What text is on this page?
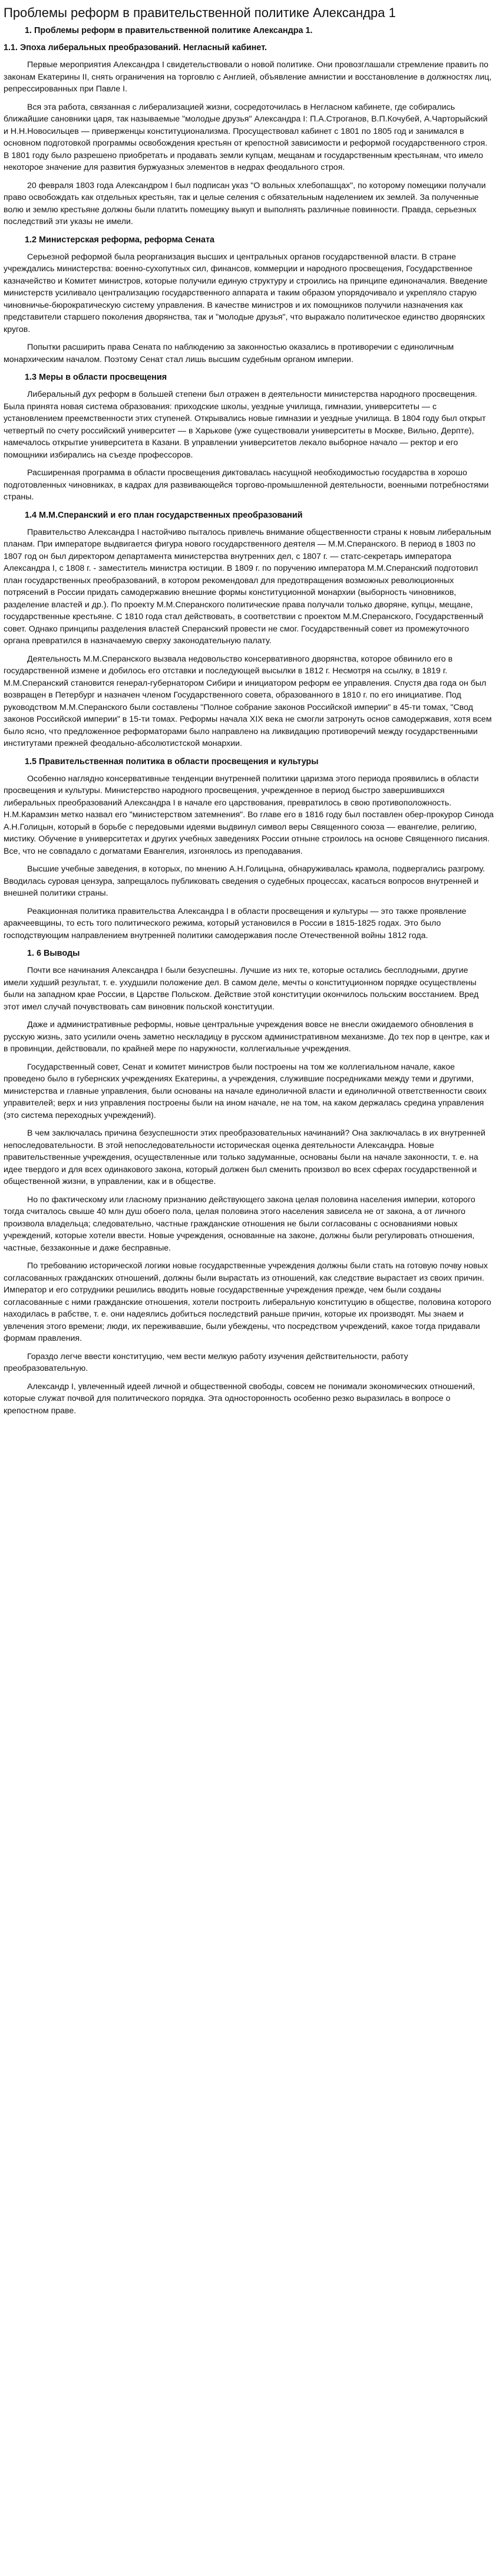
Проблемы реформ в правительственной политике Александра 1
1. Проблемы реформ в правительственной политике Александра 1.
1.1. Эпоха либеральных преобразований. Негласный кабинет.

Первые мероприятия Александра I свидетельствовали о новой политике. Они провозглашали стремление править по законам Екатерины II, снять ограничения на торговлю с Англией, объявление амнистии и восстановление в должностях лиц, репрессированных при Павле I.

Вся эта работа, связанная с либерализацией жизни, сосредоточилась в Негласном кабинете, где собирались ближайшие сановники царя, так называемые "молодые друзья" Александра I: П.А.Строганов, В.П.Кочубей, А.Чарторыйский и Н.Н.Новосильцев — приверженцы конституционализма. Просуществовал кабинет с 1801 по 1805 год и занимался в основном подготовкой программы освобождения крестьян от крепостной зависимости и реформой государственного строя. В 1801 году было разрешено приобретать и продавать земли купцам, мещанам и государственным крестьянам, что имело некоторое значение для развития буржуазных элементов в недрах феодального строя.

20 февраля 1803 года Александром I был подписан указ "О вольных хлебопашцах", по которому помещики получали право освобождать как отдельных крестьян, так и целые селения с обязательным наделением их землей. За полученные волю и землю крестьяне должны были платить помещику выкуп и выполнять различные повинности. Правда, серьезных последствий эти указы не имели.

1.2 Министерская реформа, реформа Сената

Серьезной реформой была реорганизация высших и центральных органов государственной власти. В стране учреждались министерства: военно-сухопутных сил, финансов, коммерции и народного просвещения, Государственное казначейство и Комитет министров, которые получили единую структуру и строились на принципе единоначалия. Введение министерств усиливало централизацию государственного аппарата и таким образом упорядочивало и укрепляло старую чиновничье-бюрократическую систему управления. В качестве министров и их помощников получили назначения как представители старшего поколения дворянства, так и "молодые друзья", что выражало политическое единство дворянских кругов.

Попытки расширить права Сената по наблюдению за законностью оказались в противоречии с единоличным монархическим началом. Поэтому Сенат стал лишь высшим судебным органом империи.

1.3 Меры в области просвещения

Либеральный дух реформ в большей степени был отражен в деятельности министерства народного просвещения. Была принята новая система образования: приходские школы, уездные училища, гимназии, университеты — с установлением преемственности этих ступеней. Открывались новые гимназии и уездные училища. В 1804 году был открыт четвертый по счету российский университет — в Харькове (уже существовали университеты в Москве, Вильно, Дерпте), намечалось открытие университета в Казани. В управлении университетов лекало выборное начало — ректор и его помощники избирались на съезде профессоров.

Расширенная программа в области просвещения диктовалась насущной необходимостью государства в хорошо подготовленных чиновниках, в кадрах для развивающейся торгово-промышленной деятельности, военными потребностями страны.

1.4 М.М.Сперанский и его план государственных преобразований

Правительство Александра I настойчиво пыталось привлечь внимание общественности страны к новым либеральным планам. При императоре выдвигается фигура нового государственного деятеля — М.М.Сперанского. В период в 1803 по 1807 год он был директором департамента министерства внутренних дел, с 1807 г. — статс-секретарь императора Александра I, с 1808 г. - заместитель министра юстиции. В 1809 г. по поручению императора М.М.Сперанский подготовил план государственных преобразований, в котором рекомендовал для предотвращения возможных революционных потрясений в России придать самодержавию внешние формы конституционной монархии (выборность чиновников, разделение властей и др.). По проекту М.М.Сперанского политические права получали только дворяне, купцы, мещане, государственные крестьяне. С 1810 года стал действовать, в соответствии с проектом М.М.Сперанского, Государственный совет. Однако принципы разделения властей Сперанский провести не смог. Государственный совет из промежуточного органа превратился в назначаемую сверху законодательную палату.

Деятельность М.М.Сперанского вызвала недовольство консервативного дворянства, которое обвинило его в государственной измене и добилось его отставки и последующей высылки в 1812 г. Несмотря на ссылку, в 1819 г. М.М.Сперанский становится генерал-губернатором Сибири и инициатором реформ ее управления. Спустя два года он был возвращен в Петербург и назначен членом Государственного совета, образованного в 1810 г. по его инициативе. Под руководством М.М.Сперанского были составлены "Полное собрание законов Российской империи" в 45-ти томах, "Свод законов Российской империи" в 15-ти томах. Реформы начала XIX века не смогли затронуть основ самодержавия, хотя всем было ясно, что предложенное реформаторами было направлено на ликвидацию противоречий между государственными институтами прежней феодально-абсолютистской монархии.

1.5 Правительственная политика в области просвещения и культуры

Особенно наглядно консервативные тенденции внутренней политики царизма этого периода проявились в области просвещения и культуры. Министерство народного просвещения, учрежденное в период быстро завершившихся либеральных преобразований Александра I в начале его царствования, превратилось в свою противоположность. Н.М.Карамзин метко назвал его "министерством затемнения". Во главе его в 1816 году был поставлен обер-прокурор Синода А.Н.Голицын, который в борьбе с передовыми идеями выдвинул символ веры Священного союза — евангелие, религию, мистику. Обучение в университетах и других учебных заведениях России отныне строилось на основе Священного писания. Все, что не совпадало с догматами Евангелия, изгонялось из преподавания.

Высшие учебные заведения, в которых, по мнению А.Н.Голицына, обнаруживалась крамола, подвергались разгрому. Вводилась суровая цензура, запрещалось публиковать сведения о судебных процессах, касаться вопросов внутренней и внешней политики страны.

Реакционная политика правительства Александра I в области просвещения и культуры — это также проявление аракчеевщины, то есть того политического режима, который установился в России в 1815-1825 годах. Это было господствующим направлением внутренней политики самодержавия после Отечественной войны 1812 года.

1. 6 Выводы

Почти все начинания Александра I были безуспешны. Лучшие из них те, которые остались бесплодными, другие имели худший результат, т. е. ухудшили положение дел. В самом деле, мечты о конституционном порядке осуществлены были на западном крае России, в Царстве Польском. Действие этой конституции окончилось польским восстанием. Вред этот имел случай почувствовать сам виновник польской конституции.

Даже и административные реформы, новые центральные учреждения вовсе не внесли ожидаемого обновления в русскую жизнь, зато усилили очень заметно нескладицу в русском административном механизме. До тех пор в центре, как и в провинции, действовали, по крайней мере по наружности, коллегиальные учреждения.

Государственный совет, Сенат и комитет министров были построены на том же коллегиальном начале, какое проведено было в губернских учреждениях Екатерины, а учреждения, служившие посредниками между теми и другими, министерства и главные управления, были основаны на начале единоличной власти и единоличной ответственности своих управителей; верх и низ управления построены были на ином начале, не на том, на каком держалась средина управления (это система переходных учреждений).

В чем заключалась причина безуспешности этих преобразовательных начинаний? Она заключалась в их внутренней непоследовательности. В этой непоследовательности историческая оценка деятельности Александра. Новые правительственные учреждения, осуществленные или только задуманные, основаны были на начале законности, т. е. на идее твердого и для всех одинакового закона, который должен был сменить произвол во всех сферах государственной и общественной жизни, в управлении, как и в обществе.

Но по фактическому или гласному признанию действующего закона целая половина населения империи, которого тогда считалось свыше 40 млн душ обоего пола, целая половина этого населения зависела не от закона, а от личного произвола владельца; следовательно, частные гражданские отношения не были согласованы с основаниями новых учреждений, которые хотели ввести. Новые учреждения, основанные на законе, должны были регулировать отношения, частные, беззаконные и даже бесправные.

По требованию исторической логики новые государственные учреждения должны были стать на готовую почву новых согласованных гражданских отношений, должны были вырастать из отношений, как следствие вырастает из своих причин. Император и его сотрудники решились вводить новые государственные учреждения прежде, чем были созданы согласованные с ними гражданские отношения, хотели построить либеральную конституцию в обществе, половина которого находилась в рабстве, т. е. они надеялись добиться последствий раньше причин, которые их производят. Мы знаем и увлечения этого времени; люди, их переживавшие, были убеждены, что посредством учреждений, какое тогда придавали формам правления.

Гораздо легче ввести конституцию, чем вести мелкую работу изучения действительности, работу преобразовательную.

Александр I, увлеченный идеей личной и общественной свободы, совсем не понимали экономических отношений, которые служат почвой для политического порядка. Эта односторонность особенно резко выразилась в вопросе о крепостном праве.
